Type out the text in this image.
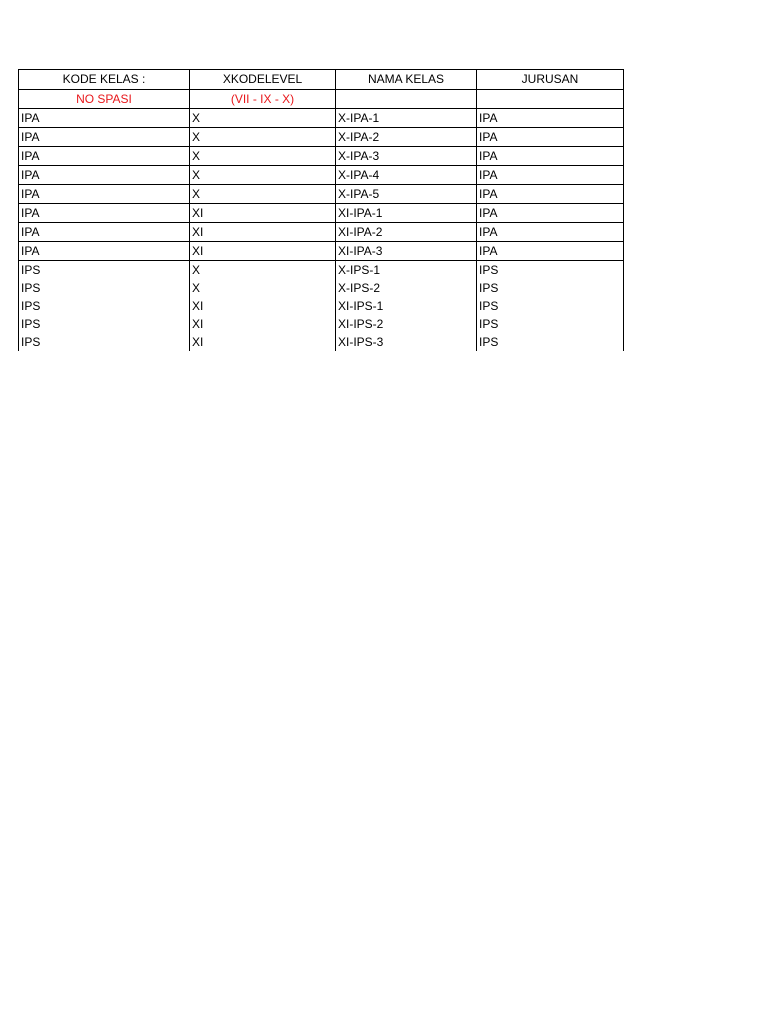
KODE KELAS :	XKODELEVEL	NAMA KELAS	JURUSAN
NO SPASI	(VII - IX - X)		
IPA	X	X-IPA-1	IPA
IPA	X	X-IPA-2	IPA
IPA	X	X-IPA-3	IPA
IPA	X	X-IPA-4	IPA
IPA	X	X-IPA-5	IPA
IPA	XI	XI-IPA-1	IPA
IPA	XI	XI-IPA-2	IPA
IPA	XI	XI-IPA-3	IPA
IPS	X	X-IPS-1	IPS
IPS	X	X-IPS-2	IPS
IPS	XI	XI-IPS-1	IPS
IPS	XI	XI-IPS-2	IPS
IPS	XI	XI-IPS-3	IPS
